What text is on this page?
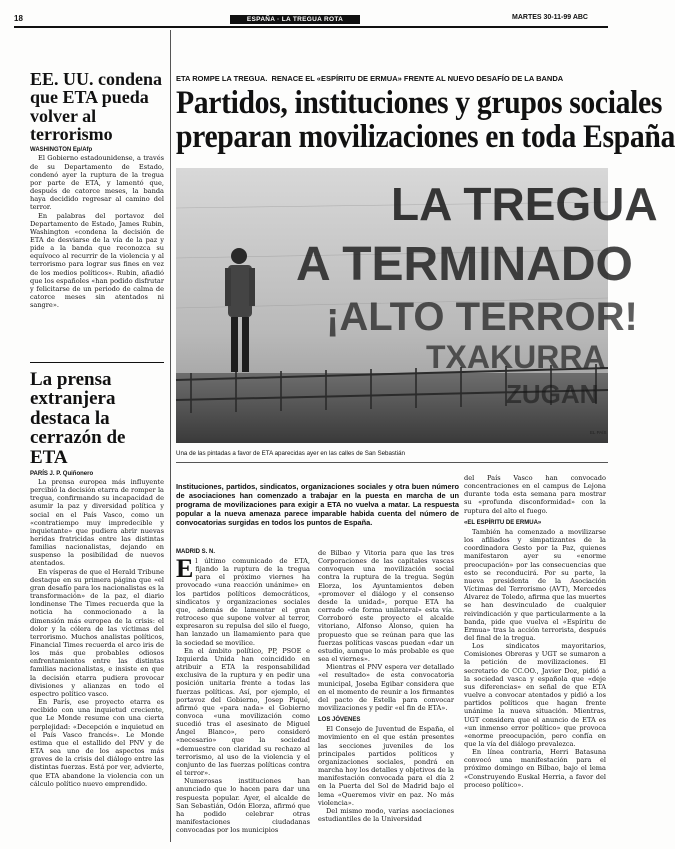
18	ESPAÑA · LA TREGUA ROTA	MARTES 30-11-99 ABC
EE. UU. condena que ETA pueda volver al terrorismo
WASHINGTON Ep/Afp

El Gobierno estadounidense, a través de su Departamento de Estado, condenó ayer la ruptura de la tregua por parte de ETA, y lamentó que, después de catorce meses, la banda haya decidido regresar al camino del terror.

En palabras del portavoz del Departamento de Estado, James Rubin, Washington «condena la decisión de ETA de desviarse de la vía de la paz y pide a la banda que reconozca su equívoco al recurrir de la violencia y al terrorismo para lograr sus fines en vez de los medios políticos». Rubin, añadió que los españoles «han podido disfrutar y felicitarse de un periodo de calma de catorce meses sin atentados ni sangre».

La prensa extranjera destaca la cerrazón de ETA
PARÍS J. P. Quiñonero

La prensa europea más influyente percibió la decisión etarra de romper la tregua, confirmando su incapacidad de asumir la paz y diversidad política y social en el País Vasco, como un «contratiempo muy impredecible y inquietante» que pudiera abrir nuevas heridas fratricidas entre las distintas familias nacionalistas, dejando en suspenso la posibilidad de nuevos atentados.

En vísperas de que el Herald Tribune destaque en su primera página que «el gran desafío para los nacionalistas es la transformación» de la paz, el diario londinense The Times recuerda que la noticia ha conmocionado a la dimensión más europea de la crisis: el dolor y la cólera de las víctimas del terrorismo. Muchos analistas políticos, Financial Times recuerda el arco iris de los más que probables odiosos enfrentamientos entre las distintas familias nacionalistas, e insiste en que la decisión etarra pudiera provocar divisiones y alianzas en todo el espectro político vasco.

En París, ese proyecto etarra es recibido con una inquietud creciente, que Le Monde resume con una cierta perplejidad: «Decepción e inquietud en el País Vasco francés». Le Monde estima que el estallido del PNV y de ETA sea uno de los aspectos más graves de la crisis del diálogo entre las distintas fuerzas. Está por ver, advierte, que ETA abandone la violencia con un cálculo político nuevo emprendido.

ETA ROMPE LA TREGUA. RENACE EL «ESPÍRITU DE ERMUA» FRENTE AL NUEVO DESAFÍO DE LA BANDA
Partidos, instituciones y grupos sociales
preparan movilizaciones en toda España
LA TREGUA
A TERMINADO
¡ALTO TERROR!
TXAKURRA
ZUGAN
EL PAÍS
Una de las pintadas a favor de ETA aparecidas ayer en las calles de San Sebastián
Instituciones, partidos, sindicatos, organizaciones sociales y otra buen número de asociaciones han comenzado a trabajar en la puesta en marcha de un programa de movilizaciones para exigir a ETA no vuelva a matar. La respuesta popular a la nueva amenaza parece imparable habida cuenta del número de convocatorias surgidas en todos los puntos de España.
MADRID S. N.
E l último comunicado de ETA, fijando la ruptura de la tregua para el próximo viernes ha provocado «una reacción unánime» en los partidos políticos democráticos, sindicatos y organizaciones sociales que, además de lamentar el gran retroceso que supone volver al terror, expresaron su repulsa del silo el fuego, han lanzado un llamamiento para que la sociedad se movilice.

En el ámbito político, PP, PSOE e Izquierda Unida han coincidido en atribuir a ETA la responsabilidad exclusiva de la ruptura y en pedir una posición unitaria frente a todas las fuerzas políticas. Así, por ejemplo, el portavoz del Gobierno, Josep Piqué, afirmó que «para nada» el Gobierno convoca «una movilización como sucedió tras el asesinato de Miguel Ángel Blanco», pero consideró «necesario» que la sociedad «demuestre con claridad su rechazo al terrorismo, al uso de la violencia y el conjunto de las fuerzas políticas contra el terror».

Numerosas instituciones han anunciado que lo hacen para dar una respuesta popular. Ayer, el alcalde de San Sebastián, Odón Elorza, afirmó que ha podido celebrar otras manifestaciones ciudadanas convocadas por los municipios

de Bilbao y Vitoria para que las tres Corporaciones de las capitales vascas convoquen una movilización social contra la ruptura de la tregua. Según Elorza, los Ayuntamientos deben «promover el diálogo y el consenso desde la unidad», porque ETA ha cerrado «de forma unilateral» esta vía. Corroboró este proyecto el alcalde vitoriano, Alfonso Alonso, quien ha propuesto que se reúnan para que las fuerzas políticas vascas puedan «dar un estudio, aunque lo más probable es que sea el viernes».

Mientras el PNV espera ver detallado «el resultado» de esta convocatoria municipal, Joseba Egibar considera que en el momento de reunir a los firmantes del pacto de Estella para convocar movilizaciones y pedir «el fin de ETA».

LOS JÓVENES

El Consejo de Juventud de España, el movimiento en el que están presentes las secciones juveniles de los principales partidos políticos y organizaciones sociales, pondrá en marcha hoy los detalles y objetivos de la manifestación convocada para el día 2 en la Puerta del Sol de Madrid bajo el lema «Queremos vivir en paz. No más violencia».

Del mismo modo, varias asociaciones estudiantiles de la Universidad

del País Vasco han convocado concentraciones en el campus de Lejona durante toda esta semana para mostrar su «profunda disconformidad» con la ruptura del alto el fuego.

«EL ESPÍRITU DE ERMUA»

También ha comenzado a movilizarse los afiliados y simpatizantes de la coordinadora Gesto por la Paz, quienes manifestaron ayer su «enorme preocupación» por las consecuencias que esto se reconducirá. Por su parte, la nueva presidenta de la Asociación Víctimas del Terrorismo (AVT), Mercedes Álvarez de Toledo, afirma que las muertes se han desvinculado de cualquier reivindicación y que particularmente a la banda, pide que vuelva el «Espíritu de Ermua» tras la acción terrorista, después del final de la tregua.

Los sindicatos mayoritarios, Comisiones Obreras y UGT se sumaron a la petición de movilizaciones. El secretario de CC.OO., Javier Doz, pidió a la sociedad vasca y española que «deje sus diferencias» en señal de que ETA vuelve a convocar atentados y pidió a los partidos políticos que hagan frente unánime la nueva situación. Mientras, UGT considera que el anuncio de ETA es «un inmenso error político» que provoca «enorme preocupación, pero confía en que la vía del diálogo prevalezca.

En línea contraria, Herri Batasuna convocó una manifestación para el próximo domingo en Bilbao, bajo el lema «Construyendo Euskal Herria, a favor del proceso político».
